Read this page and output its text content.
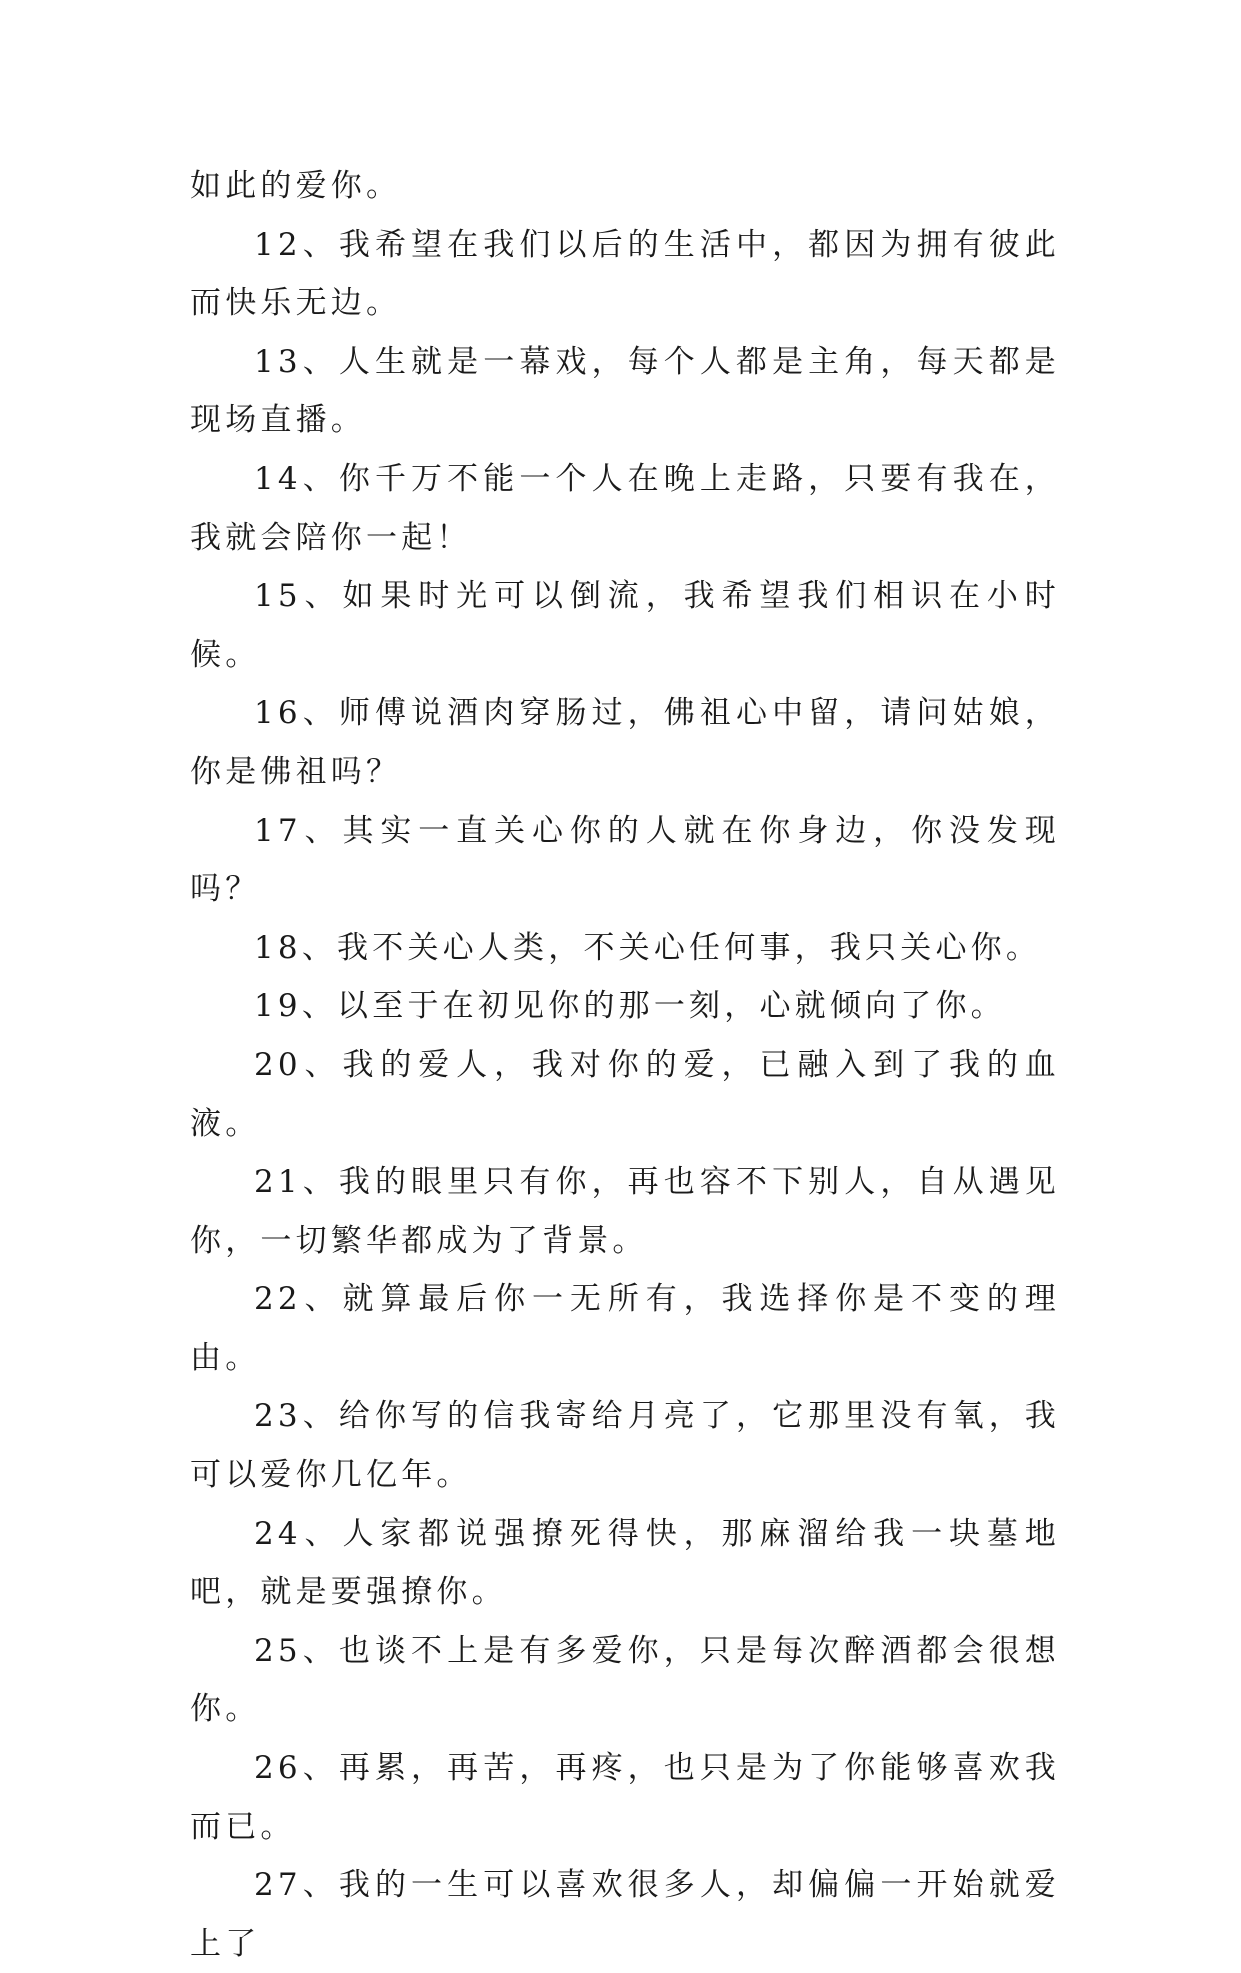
如此的爱你。

12、我希望在我们以后的生活中，都因为拥有彼此而快乐无边。

13、人生就是一幕戏，每个人都是主角，每天都是现场直播。

14、你千万不能一个人在晚上走路，只要有我在，我就会陪你一起！

15、如果时光可以倒流，我希望我们相识在小时候。

16、师傅说酒肉穿肠过，佛祖心中留，请问姑娘，你是佛祖吗？

17、其实一直关心你的人就在你身边，你没发现吗？

18、我不关心人类，不关心任何事，我只关心你。

19、以至于在初见你的那一刻，心就倾向了你。

20、我的爱人，我对你的爱，已融入到了我的血液。

21、我的眼里只有你，再也容不下别人，自从遇见你，一切繁华都成为了背景。

22、就算最后你一无所有，我选择你是不变的理由。

23、给你写的信我寄给月亮了，它那里没有氧，我可以爱你几亿年。

24、人家都说强撩死得快，那麻溜给我一块墓地吧，就是要强撩你。

25、也谈不上是有多爱你，只是每次醉酒都会很想你。

26、再累，再苦，再疼，也只是为了你能够喜欢我而已。

27、我的一生可以喜欢很多人，却偏偏一开始就爱上了
